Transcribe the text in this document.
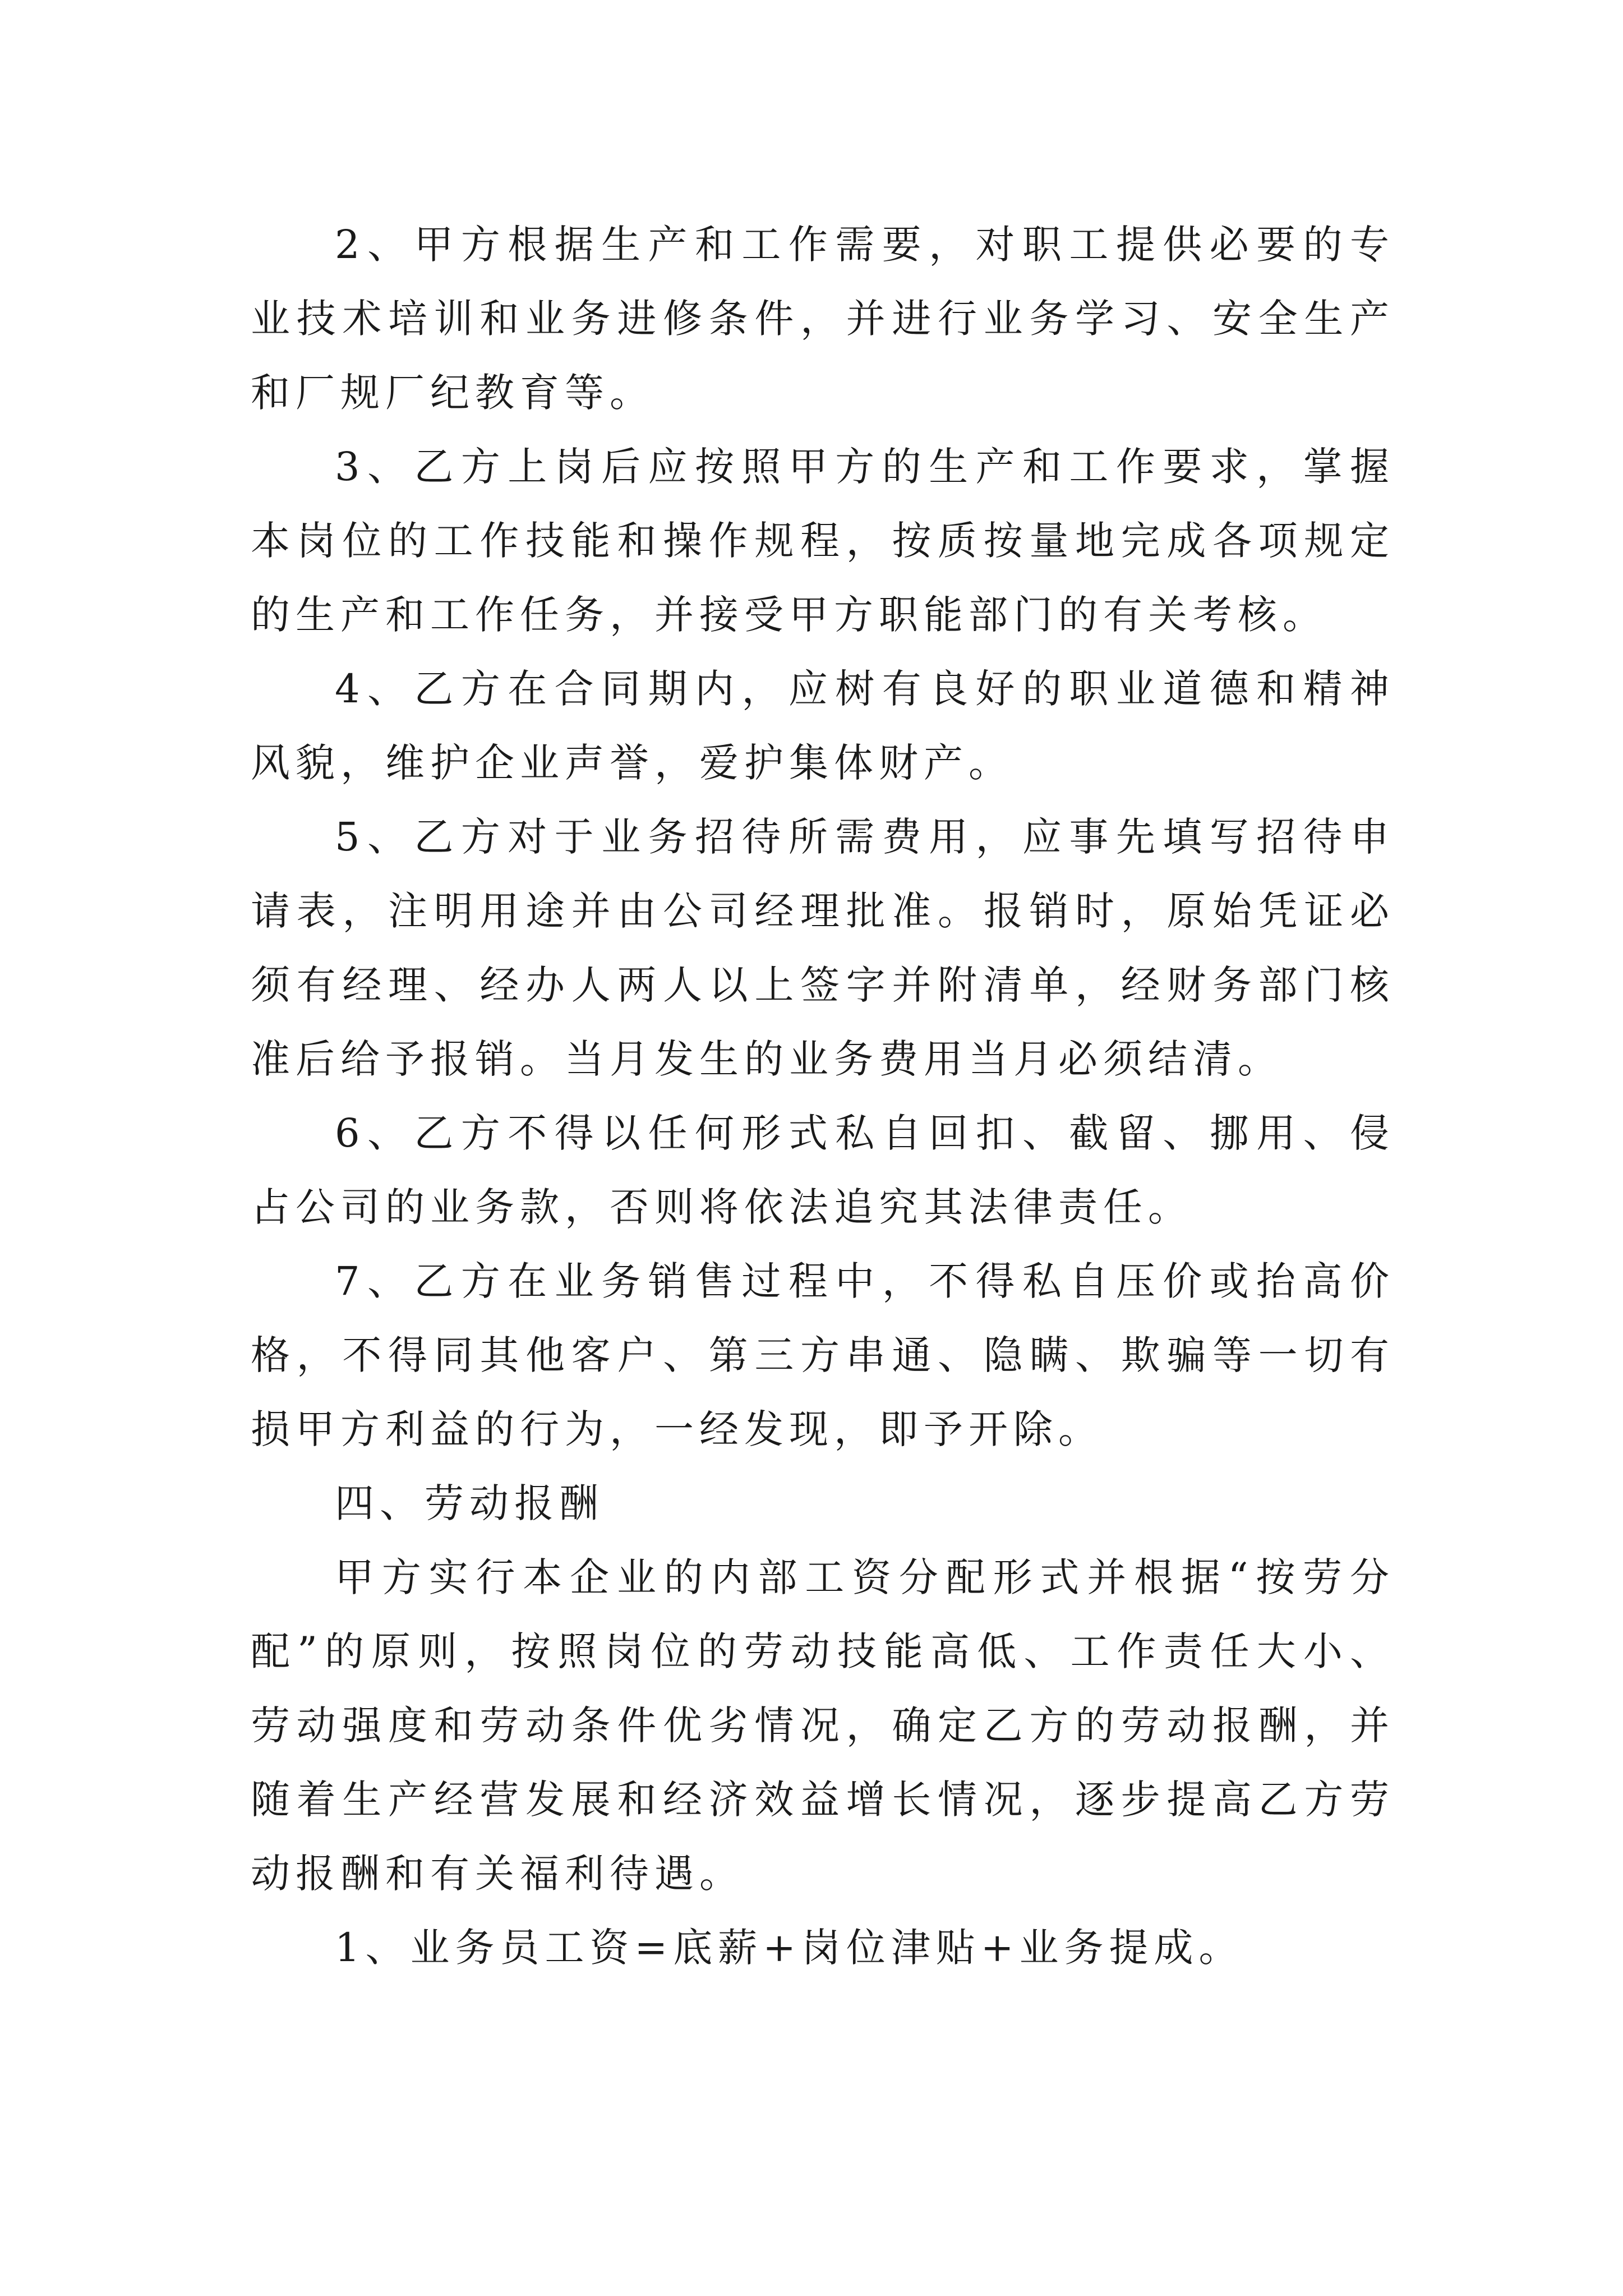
2、甲方根据生产和工作需要，对职工提供必要的专业技术培训和业务进修条件，并进行业务学习、安全生产和厂规厂纪教育等。

3、乙方上岗后应按照甲方的生产和工作要求，掌握本岗位的工作技能和操作规程，按质按量地完成各项规定的生产和工作任务，并接受甲方职能部门的有关考核。

4、乙方在合同期内，应树有良好的职业道德和精神风貌，维护企业声誉，爱护集体财产。

5、乙方对于业务招待所需费用，应事先填写招待申请表，注明用途并由公司经理批准。报销时，原始凭证必须有经理、经办人两人以上签字并附清单，经财务部门核准后给予报销。当月发生的业务费用当月必须结清。

6、乙方不得以任何形式私自回扣、截留、挪用、侵占公司的业务款，否则将依法追究其法律责任。

7、乙方在业务销售过程中，不得私自压价或抬高价格，不得同其他客户、第三方串通、隐瞒、欺骗等一切有损甲方利益的行为，一经发现，即予开除。

四、劳动报酬

甲方实行本企业的内部工资分配形式并根据“按劳分配”的原则，按照岗位的劳动技能高低、工作责任大小、劳动强度和劳动条件优劣情况，确定乙方的劳动报酬，并随着生产经营发展和经济效益增长情况，逐步提高乙方劳动报酬和有关福利待遇。

1、业务员工资=底薪+岗位津贴+业务提成。
